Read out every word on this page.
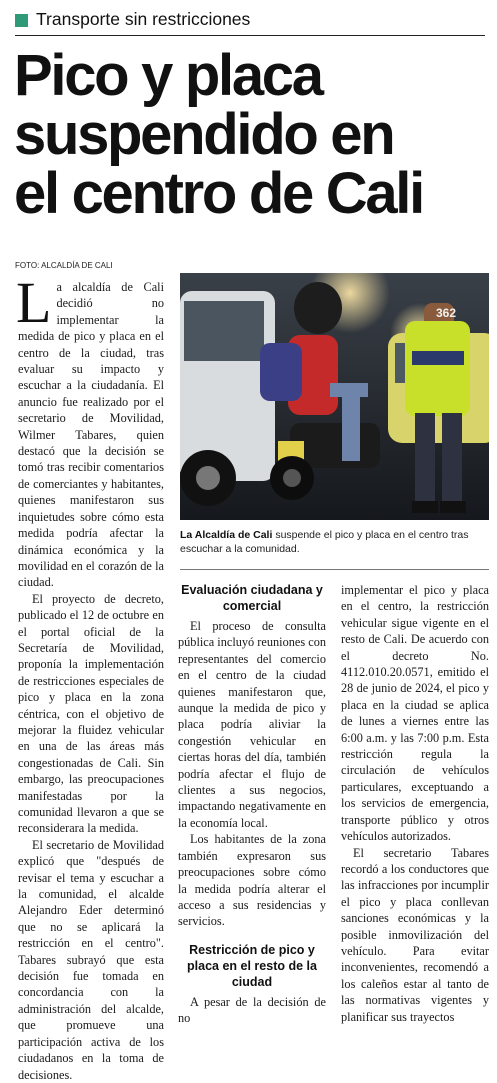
Transporte sin restricciones
Pico y placa
suspendido en
el centro de Cali
FOTO: ALCALDÍA DE CALI

La alcaldía de Cali decidió no implementar la medida de pico y placa en el centro de la ciudad, tras evaluar su impacto y escuchar a la ciudadanía. El anuncio fue realizado por el secretario de Movilidad, Wilmer Tabares, quien destacó que la decisión se tomó tras recibir comentarios de comerciantes y habitantes, quienes manifestaron sus inquietudes sobre cómo esta medida podría afectar la dinámica económica y la movilidad en el corazón de la ciudad.

El proyecto de decreto, publicado el 12 de octubre en el portal oficial de la Secretaría de Movilidad, proponía la implementación de restricciones especiales de pico y placa en la zona céntrica, con el objetivo de mejorar la fluidez vehicular en una de las áreas más congestionadas de Cali. Sin embargo, las preocupaciones manifestadas por la comunidad llevaron a que se reconsiderara la medida.

El secretario de Movilidad explicó que "después de revisar el tema y escuchar a la comunidad, el alcalde Alejandro Eder determinó que no se aplicará la restricción en el centro". Tabares subrayó que esta decisión fue tomada en concordancia con la administración del alcalde, que promueve una participación activa de los ciudadanos en la toma de decisiones.

362
La Alcaldía de Cali suspende el pico y placa en el centro tras escuchar a la comunidad.
Evaluación ciudadana y comercial

El proceso de consulta pública incluyó reuniones con representantes del comercio en el centro de la ciudad quienes manifestaron que, aunque la medida de pico y placa podría aliviar la congestión vehicular en ciertas horas del día, también podría afectar el flujo de clientes a sus negocios, impactando negativamente en la economía local.

Los habitantes de la zona también expresaron sus preocupaciones sobre cómo la medida podría alterar el acceso a sus residencias y servicios.

Restricción de pico y placa en el resto de la ciudad

A pesar de la decisión de no

implementar el pico y placa en el centro, la restricción vehicular sigue vigente en el resto de Cali. De acuerdo con el decreto No. 4112.010.20.0571, emitido el 28 de junio de 2024, el pico y placa en la ciudad se aplica de lunes a viernes entre las 6:00 a.m. y las 7:00 p.m. Esta restricción regula la circulación de vehículos particulares, exceptuando a los servicios de emergencia, transporte público y otros vehículos autorizados.

El secretario Tabares recordó a los conductores que las infracciones por incumplir el pico y placa conllevan sanciones económicas y la posible inmovilización del vehículo. Para evitar inconvenientes, recomendó a los caleños estar al tanto de las normativas vigentes y planificar sus trayectos
